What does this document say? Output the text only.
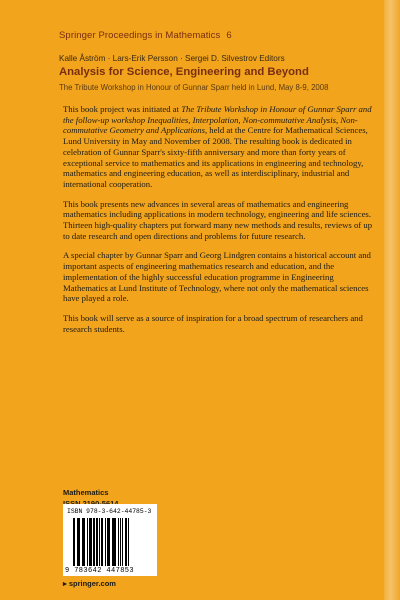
Springer Proceedings in Mathematics 6
Kalle Åström · Lars-Erik Persson · Sergei D. Silvestrov Editors
Analysis for Science, Engineering and Beyond
The Tribute Workshop in Honour of Gunnar Sparr held in Lund, May 8-9, 2008

This book project was initiated at The Tribute Workshop in Honour of Gunnar Sparr and the follow-up workshop Inequalities, Interpolation, Non-commutative Analysis, Non-commutative Geometry and Applications, held at the Centre for Mathematical Sciences, Lund University in May and November of 2008. The resulting book is dedicated in celebration of Gunnar Sparr's sixty-fifth anniversary and more than forty years of exceptional service to mathematics and its applications in engineering and technology, mathematics and engineering education, as well as interdisciplinary, industrial and international cooperation.

This book presents new advances in several areas of mathematics and engineering mathematics including applications in modern technology, engineering and life sciences. Thirteen high-quality chapters put forward many new methods and results, reviews of up to date research and open directions and problems for future research.

A special chapter by Gunnar Sparr and Georg Lindgren contains a historical account and important aspects of engineering mathematics research and education, and the implementation of the highly successful education programme in Engineering Mathematics at Lund Institute of Technology, where not only the mathematical sciences have played a role.

This book will serve as a source of inspiration for a broad spectrum of researchers and research students.

Mathematics
ISBN 978-3-642-44785-3
9 783642 447853
▸ springer.com
